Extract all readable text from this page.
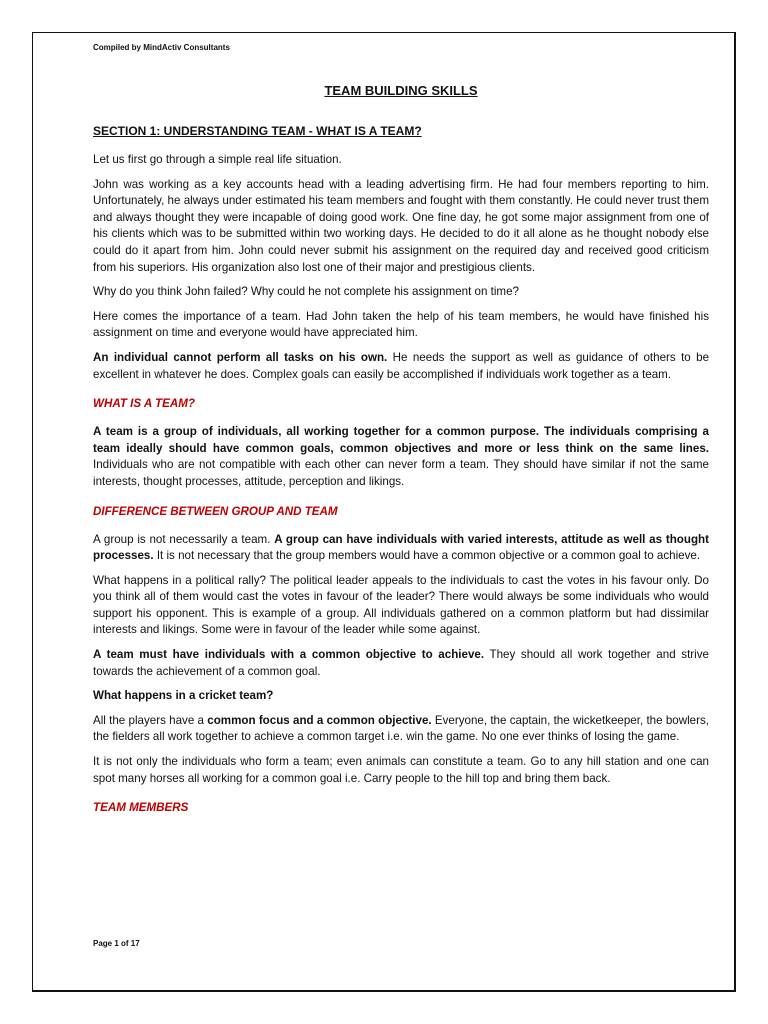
Compiled by MindActiv Consultants
TEAM BUILDING SKILLS
SECTION 1: UNDERSTANDING TEAM - WHAT IS A TEAM?

Let us first go through a simple real life situation.

John was working as a key accounts head with a leading advertising firm. He had four members reporting to him. Unfortunately, he always under estimated his team members and fought with them constantly. He could never trust them and always thought they were incapable of doing good work. One fine day, he got some major assignment from one of his clients which was to be submitted within two working days. He decided to do it all alone as he thought nobody else could do it apart from him. John could never submit his assignment on the required day and received good criticism from his superiors. His organization also lost one of their major and prestigious clients.

Why do you think John failed? Why could he not complete his assignment on time?

Here comes the importance of a team. Had John taken the help of his team members, he would have finished his assignment on time and everyone would have appreciated him.

An individual cannot perform all tasks on his own. He needs the support as well as guidance of others to be excellent in whatever he does. Complex goals can easily be accomplished if individuals work together as a team.

WHAT IS A TEAM?

A team is a group of individuals, all working together for a common purpose. The individuals comprising a team ideally should have common goals, common objectives and more or less think on the same lines. Individuals who are not compatible with each other can never form a team. They should have similar if not the same interests, thought processes, attitude, perception and likings.

DIFFERENCE BETWEEN GROUP AND TEAM

A group is not necessarily a team. A group can have individuals with varied interests, attitude as well as thought processes. It is not necessary that the group members would have a common objective or a common goal to achieve.

What happens in a political rally? The political leader appeals to the individuals to cast the votes in his favour only. Do you think all of them would cast the votes in favour of the leader? There would always be some individuals who would support his opponent. This is example of a group. All individuals gathered on a common platform but had dissimilar interests and likings. Some were in favour of the leader while some against.

A team must have individuals with a common objective to achieve. They should all work together and strive towards the achievement of a common goal.

What happens in a cricket team?

All the players have a common focus and a common objective. Everyone, the captain, the wicketkeeper, the bowlers, the fielders all work together to achieve a common target i.e. win the game. No one ever thinks of losing the game.

It is not only the individuals who form a team; even animals can constitute a team. Go to any hill station and one can spot many horses all working for a common goal i.e. Carry people to the hill top and bring them back.

TEAM MEMBERS
Page 1 of 17
